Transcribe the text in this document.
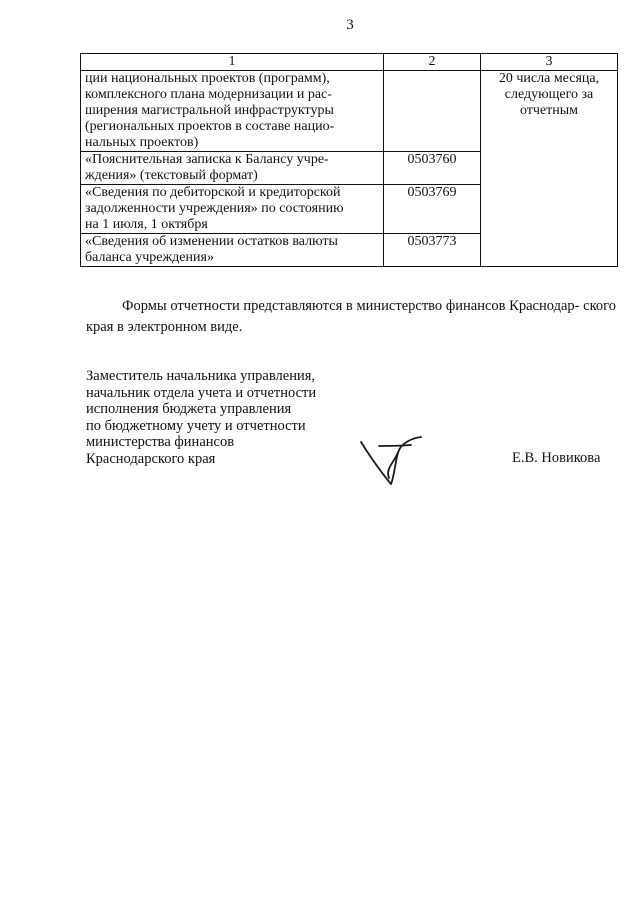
3
1	2	3

ции национальных проектов (программ),
комплексного плана модернизации и рас-
ширения магистральной инфраструктуры
(региональных проектов в составе нацио-
нальных проектов)		20 числа месяца,
следующего за
отчетным

«Пояснительная записка к Балансу учре-
ждения» (текстовый формат)	0503760	

«Сведения по дебиторской и кредиторской
задолженности учреждения» по состоянию
на 1 июля, 1 октября	0503769	

«Сведения об изменении остатков валюты
баланса учреждения»	0503773	
Формы отчетности представляются в министерство финансов Краснодар- ского края в электронном виде.
Заместитель начальника управления,
начальник отдела учета и отчетности
исполнения бюджета управления
по бюджетному учету и отчетности
министерства финансов
Краснодарского края	Е.В. Новикова
